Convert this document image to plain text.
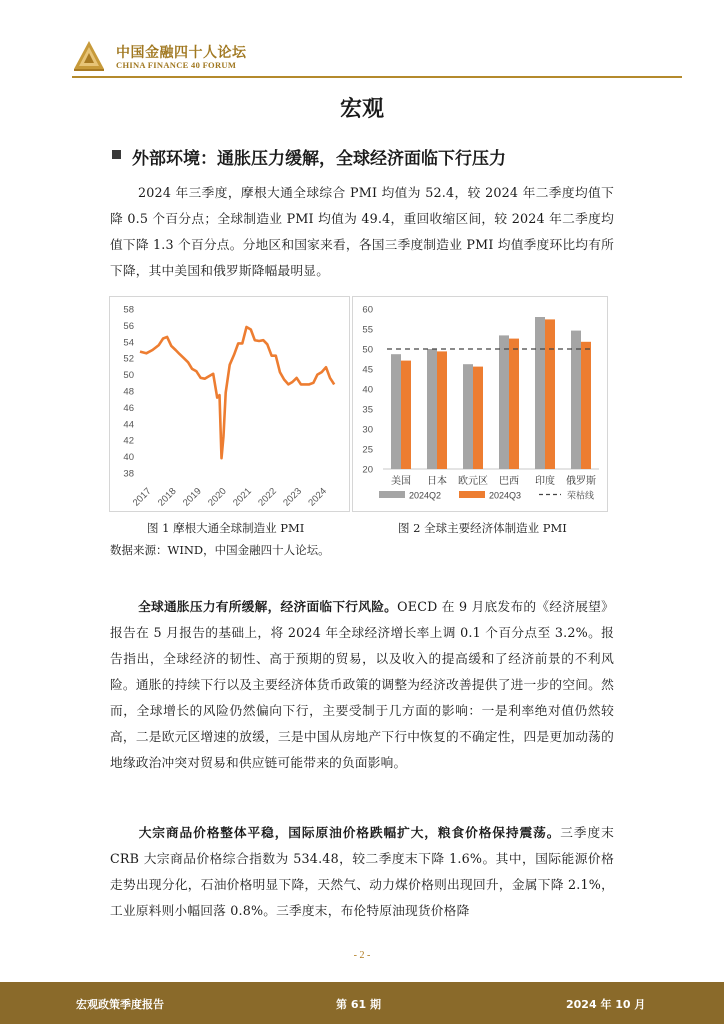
中国金融四十人论坛
CHINA FINANCE 40 FORUM
宏观
外部环境：通胀压力缓解，全球经济面临下行压力
2024 年三季度，摩根大通全球综合 PMI 均值为 52.4，较 2024 年二季度均值下降 0.5 个百分点；全球制造业 PMI 均值为 49.4，重回收缩区间，较 2024 年二季度均值下降 1.3 个百分点。分地区和国家来看，各国三季度制造业 PMI 均值季度环比均有所下降，其中美国和俄罗斯降幅最明显。
38
40
42
44
46
48
50
52
54
56
58
2017 2018 2019 2020 2021 2022 2023 2024
20
25
30
35
40
45
50
55
60
美国 日本 欧元区 巴西 印度 俄罗斯
2024Q2	2024Q3	荣枯线
图 1 摩根大通全球制造业 PMI	图 2 全球主要经济体制造业 PMI
数据来源：WIND，中国金融四十人论坛。
全球通胀压力有所缓解，经济面临下行风险。OECD 在 9 月底发布的《经济展望》报告在 5 月报告的基础上，将 2024 年全球经济增长率上调 0.1 个百分点至 3.2%。报告指出，全球经济的韧性、高于预期的贸易，以及收入的提高缓和了经济前景的不利风险。通胀的持续下行以及主要经济体货币政策的调整为经济改善提供了进一步的空间。然而，全球增长的风险仍然偏向下行，主要受制于几方面的影响：一是利率绝对值仍然较高，二是欧元区增速的放缓，三是中国从房地产下行中恢复的不确定性，四是更加动荡的地缘政治冲突对贸易和供应链可能带来的负面影响。
大宗商品价格整体平稳，国际原油价格跌幅扩大，粮食价格保持震荡。三季度末 CRB 大宗商品价格综合指数为 534.48，较二季度末下降 1.6%。其中，国际能源价格走势出现分化，石油价格明显下降，天然气、动力煤价格则出现回升，金属下降 2.1%，工业原料则小幅回落 0.8%。三季度末，布伦特原油现货价格降
- 2 -
宏观政策季度报告	第 61 期	2024 年 10 月
